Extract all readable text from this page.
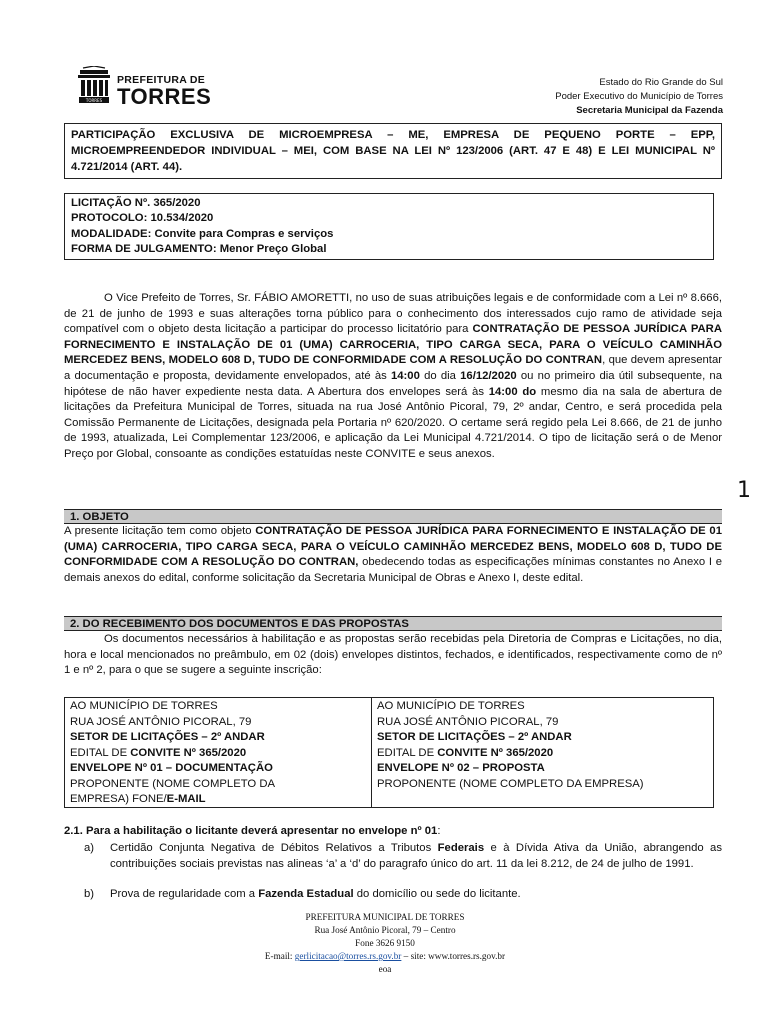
TORRES
PREFEITURA DE
TORRES
Estado do Rio Grande do Sul
Poder Executivo do Município de Torres
Secretaria Municipal da Fazenda

PARTICIPAÇÃO EXCLUSIVA DE MICROEMPRESA – ME, EMPRESA DE PEQUENO PORTE – EPP, MICROEMPREENDEDOR INDIVIDUAL – MEI, COM BASE NA LEI Nº 123/2006 (ART. 47 E 48) E LEI MUNICIPAL Nº 4.721/2014 (ART. 44).

LICITAÇÃO Nº. 365/2020
PROTOCOLO: 10.534/2020
MODALIDADE: Convite para Compras e serviços
FORMA DE JULGAMENTO: Menor Preço Global

O Vice Prefeito de Torres, Sr. FÁBIO AMORETTI, no uso de suas atribuições legais e de conformidade com a Lei nº 8.666, de 21 de junho de 1993 e suas alterações torna público para o conhecimento dos interessados cujo ramo de atividade seja compatível com o objeto desta licitação a participar do processo licitatório para CONTRATAÇÃO DE PESSOA JURÍDICA PARA FORNECIMENTO E INSTALAÇÃO DE 01 (UMA) CARROCERIA, TIPO CARGA SECA, PARA O VEÍCULO CAMINHÃO MERCEDEZ BENS, MODELO 608 D, TUDO DE CONFORMIDADE COM A RESOLUÇÃO DO CONTRAN, que devem apresentar a documentação e proposta, devidamente envelopados, até às 14:00 do dia 16/12/2020 ou no primeiro dia útil subsequente, na hipótese de não haver expediente nesta data. A Abertura dos envelopes será às 14:00 do mesmo dia na sala de abertura de licitações da Prefeitura Municipal de Torres, situada na rua José Antônio Picoral, 79, 2º andar, Centro, e será procedida pela Comissão Permanente de Licitações, designada pela Portaria nº 620/2020. O certame será regido pela Lei 8.666, de 21 de junho de 1993, atualizada, Lei Complementar 123/2006, e aplicação da Lei Municipal 4.721/2014. O tipo de licitação será o de Menor Preço por Global, consoante as condições estatuídas neste CONVITE e seus anexos.

1
1. OBJETO

A presente licitação tem como objeto CONTRATAÇÃO DE PESSOA JURÍDICA PARA FORNECIMENTO E INSTALAÇÃO DE 01 (UMA) CARROCERIA, TIPO CARGA SECA, PARA O VEÍCULO CAMINHÃO MERCEDEZ BENS, MODELO 608 D, TUDO DE CONFORMIDADE COM A RESOLUÇÃO DO CONTRAN, obedecendo todas as especificações mínimas constantes no Anexo I e demais anexos do edital, conforme solicitação da Secretaria Municipal de Obras e Anexo I, deste edital.

2. DO RECEBIMENTO DOS DOCUMENTOS E DAS PROPOSTAS

Os documentos necessários à habilitação e as propostas serão recebidas pela Diretoria de Compras e Licitações, no dia, hora e local mencionados no preâmbulo, em 02 (dois) envelopes distintos, fechados, e identificados, respectivamente como de nº 1 e nº 2, para o que se sugere a seguinte inscrição:

AO MUNICÍPIO DE TORRES
RUA JOSÉ ANTÔNIO PICORAL, 79
SETOR DE LICITAÇÕES – 2º ANDAR
EDITAL DE CONVITE Nº 365/2020
ENVELOPE Nº 01 – DOCUMENTAÇÃO
PROPONENTE (NOME COMPLETO DA
EMPRESA) FONE/E-MAIL
AO MUNICÍPIO DE TORRES
RUA JOSÉ ANTÔNIO PICORAL, 79
SETOR DE LICITAÇÕES – 2º ANDAR
EDITAL DE CONVITE Nº 365/2020
ENVELOPE Nº 02 – PROPOSTA
PROPONENTE (NOME COMPLETO DA EMPRESA)
2.1. Para a habilitação o licitante deverá apresentar no envelope nº 01:
a) Certidão Conjunta Negativa de Débitos Relativos a Tributos Federais e à Dívida Ativa da União, abrangendo as contribuições sociais previstas nas alineas ‘a’ a ‘d’ do paragrafo único do art. 11 da lei 8.212, de 24 de julho de 1991.
b) Prova de regularidade com a Fazenda Estadual do domicílio ou sede do licitante.
PREFEITURA MUNICIPAL DE TORRES
Rua José Antônio Picoral, 79 – Centro
Fone 3626 9150
E-mail: gerlicitacao@torres.rs.gov.br – site: www.torres.rs.gov.br
eoa
